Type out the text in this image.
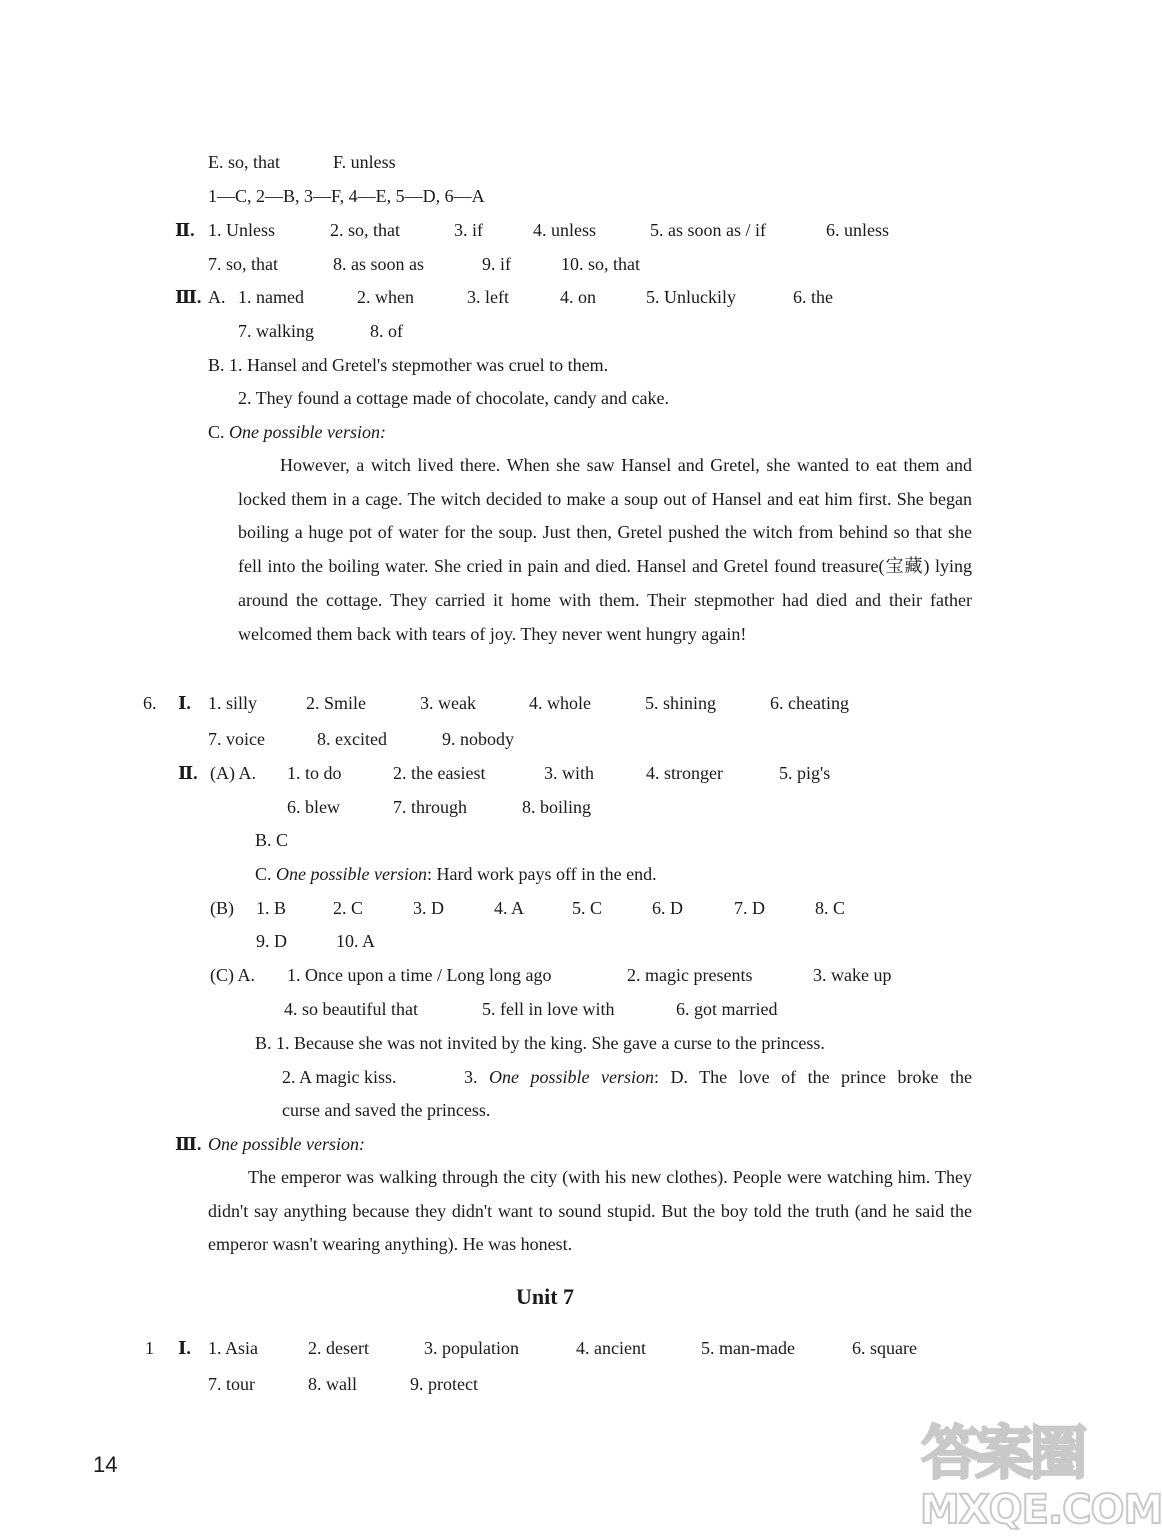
E. so, that	F. unless
1—C, 2—B, 3—F, 4—E, 5—D, 6—A
Ⅱ. 1. Unless	2. so, that	3. if	4. unless	5. as soon as / if	6. unless
7. so, that	8. as soon as	9. if	10. so, that
Ⅲ. A. 1. named	2. when	3. left	4. on	5. Unluckily	6. the
7. walking	8. of
B. 1. Hansel and Gretel's stepmother was cruel to them.
2. They found a cottage made of chocolate, candy and cake.
C. One possible version:
However, a witch lived there. When she saw Hansel and Gretel, she wanted to eat them and locked them in a cage. The witch decided to make a soup out of Hansel and eat him first. She began boiling a huge pot of water for the soup. Just then, Gretel pushed the witch from behind so that she fell into the boiling water. She cried in pain and died. Hansel and Gretel found treasure(宝藏) lying around the cottage. They carried it home with them. Their stepmother had died and their father welcomed them back with tears of joy. They never went hungry again!
6. Ⅰ. 1. silly	2. Smile	3. weak	4. whole	5. shining	6. cheating
7. voice	8. excited	9. nobody
Ⅱ. (A) A. 1. to do	2. the easiest	3. with	4. stronger	5. pig's
6. blew	7. through	8. boiling
B. C
C. One possible version: Hard work pays off in the end.
(B) 1. B	2. C	3. D	4. A	5. C	6. D	7. D	8. C
9. D	10. A
(C) A. 1. Once upon a time / Long long ago	2. magic presents	3. wake up
4. so beautiful that	5. fell in love with	6. got married
B. 1. Because she was not invited by the king. She gave a curse to the princess.
2. A magic kiss.	3. One possible version: D. The love of the prince broke the
curse and saved the princess.
Ⅲ. One possible version:
The emperor was walking through the city (with his new clothes). People were watching him. They didn't say anything because they didn't want to sound stupid. But the boy told the truth (and he said the emperor wasn't wearing anything). He was honest.
Unit 7
1 Ⅰ. 1. Asia	2. desert	3. population	4. ancient	5. man-made	6. square
7. tour	8. wall	9. protect
14	答案圈
MXQE.COM
